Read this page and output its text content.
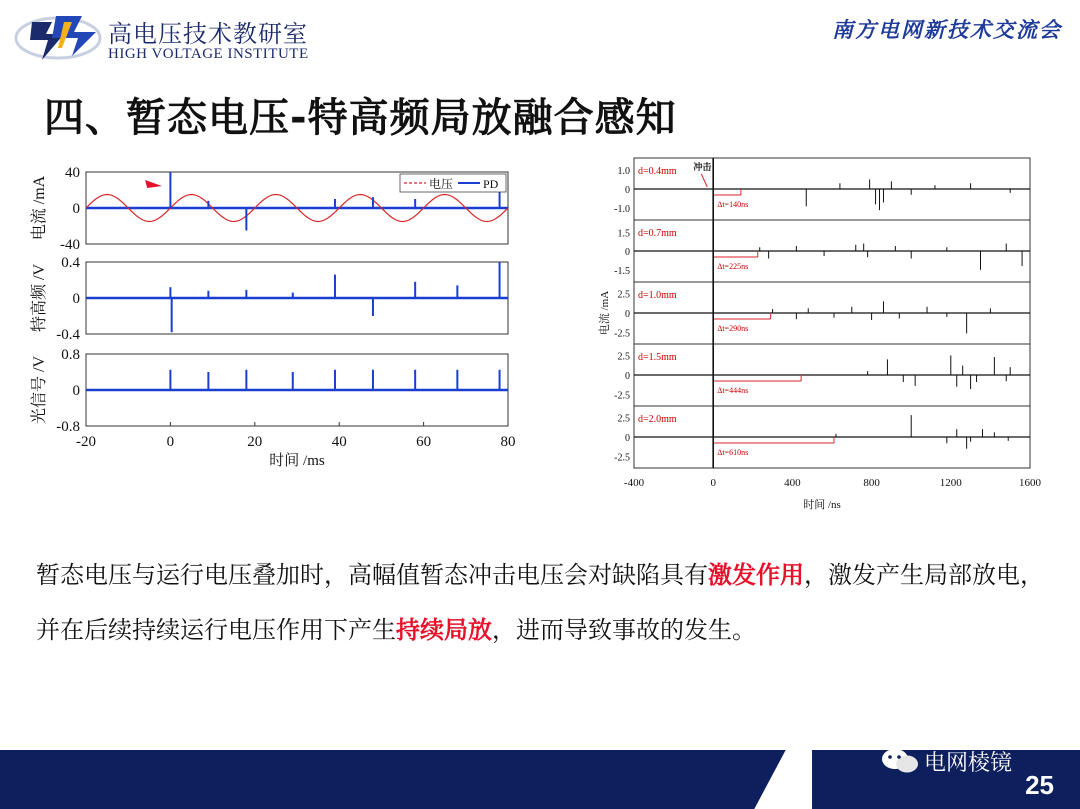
高电压技术教研室
HIGH VOLTAGE INSTITUTE
南方电网新技术交流会
四、暂态电压-特高频局放融合感知
40
0
-40
电流 /mA	电压 PD
0.4
0
-0.4
特高频 /V
0.8
0
-0.8
光信号 /V
-20	0	20	40	60	80
时间 /ms
1.0
0
-1.0
d=0.4mm
Δt=140ns
冲击
1.5
0
-1.5
d=0.7mm
Δt=225ns
2.5
0
-2.5
d=1.0mm
Δt=290ns
2.5
0
-2.5
d=1.5mm
Δt=444ns
2.5
0
-2.5
d=2.0mm
Δt=610ns
-400	0	400	800	1200	1600
时间 /ns
电流 /mA
暂态电压与运行电压叠加时，高幅值暂态冲击电压会对缺陷具有激发作用，激发产生局部放电，并在后续持续运行电压作用下产生持续局放，进而导致事故的发生。
电网棱镜
25
